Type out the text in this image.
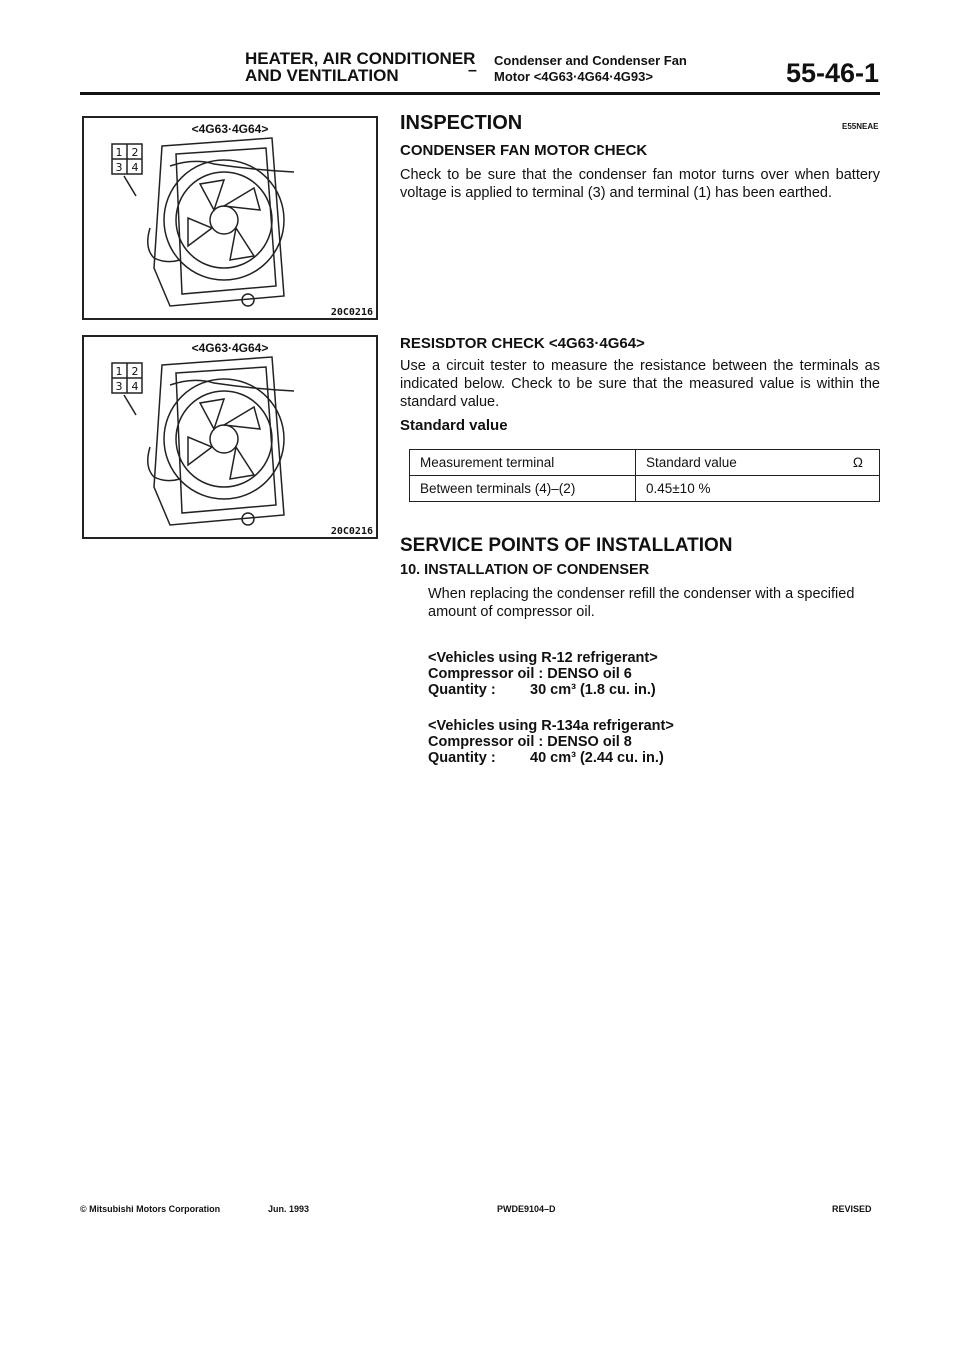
HEATER, AIR CONDITIONER
AND VENTILATION	–
Condenser and Condenser Fan
Motor <4G63·4G64·4G93>	55-46-1
1 2
3 4
<4G63·4G64>
20C0216
1 2
3 4
<4G63·4G64>
20C0216
INSPECTION	E55NEAE
CONDENSER FAN MOTOR CHECK
Check to be sure that the condenser fan motor turns over when battery voltage is applied to terminal (3) and terminal (1) has been earthed.
RESISDTOR CHECK <4G63·4G64>
Use a circuit tester to measure the resistance between the terminals as indicated below. Check to be sure that the measured value is within the standard value.
Standard value
Measurement terminal	Standard value Ω

Between terminals (4)–(2)	0.45±10 %
SERVICE POINTS OF INSTALLATION
10. INSTALLATION OF CONDENSER
When replacing the condenser refill the condenser with a specified amount of compressor oil.
<Vehicles using R-12 refrigerant>
Compressor oil : DENSO oil 6
Quantity : 30 cm³ (1.8 cu. in.)
<Vehicles using R-134a refrigerant>
Compressor oil : DENSO oil 8
Quantity : 40 cm³ (2.44 cu. in.)
© Mitsubishi Motors Corporation	Jun. 1993	PWDE9104–D	REVISED
